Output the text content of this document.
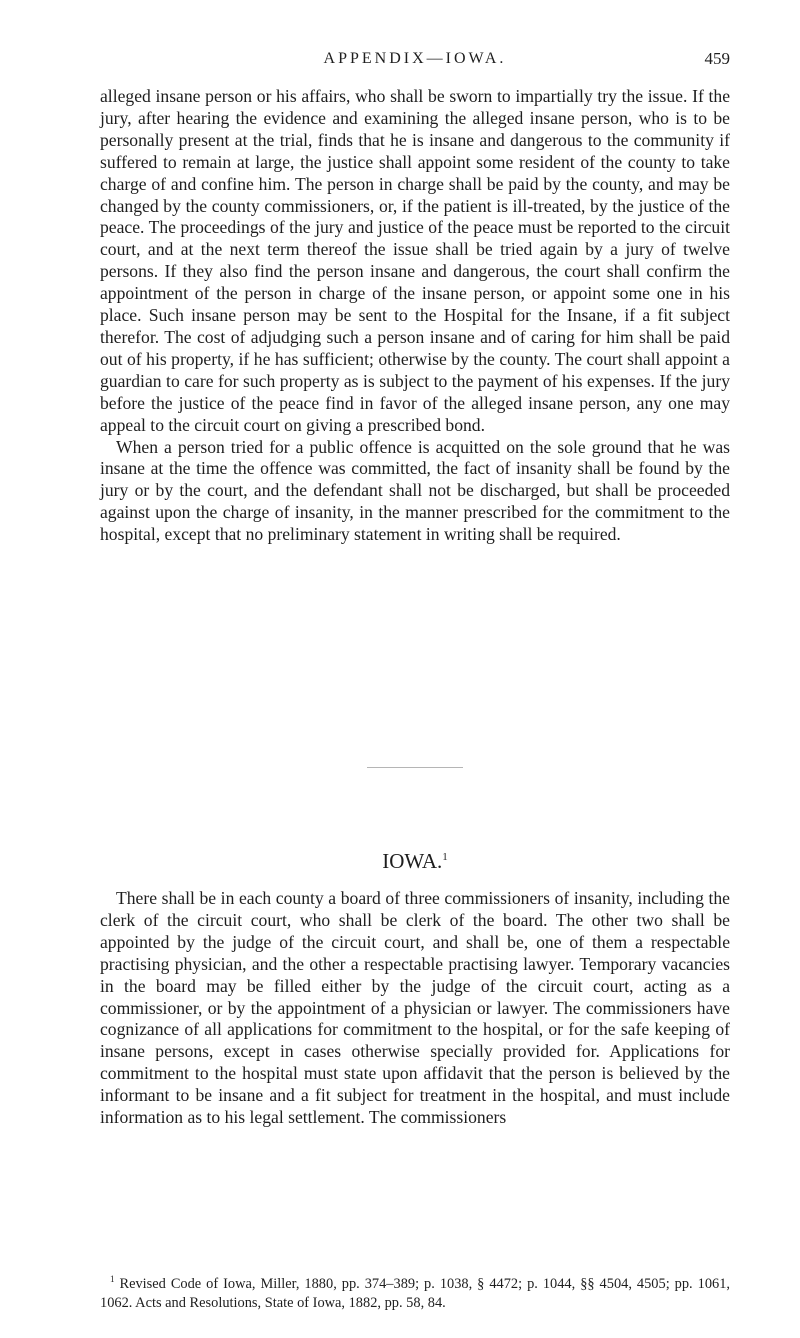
APPENDIX—IOWA.	459

alleged insane person or his affairs, who shall be sworn to impartially try the issue. If the jury, after hearing the evidence and examining the alleged insane person, who is to be personally present at the trial, finds that he is insane and dangerous to the community if suffered to remain at large, the justice shall appoint some resident of the county to take charge of and confine him. The person in charge shall be paid by the county, and may be changed by the county commissioners, or, if the patient is ill-treated, by the justice of the peace. The proceedings of the jury and justice of the peace must be reported to the circuit court, and at the next term thereof the issue shall be tried again by a jury of twelve persons. If they also find the person insane and dangerous, the court shall confirm the appointment of the person in charge of the insane person, or appoint some one in his place. Such insane person may be sent to the Hospital for the Insane, if a fit subject therefor. The cost of adjudging such a person insane and of caring for him shall be paid out of his property, if he has sufficient; otherwise by the county. The court shall appoint a guardian to care for such property as is subject to the payment of his expenses. If the jury before the justice of the peace find in favor of the alleged insane person, any one may appeal to the circuit court on giving a prescribed bond.

When a person tried for a public offence is acquitted on the sole ground that he was insane at the time the offence was committed, the fact of insanity shall be found by the jury or by the court, and the defendant shall not be discharged, but shall be proceeded against upon the charge of insanity, in the manner prescribed for the commitment to the hospital, except that no preliminary statement in writing shall be required.

IOWA.$^1$

There shall be in each county a board of three commissioners of insanity, including the clerk of the circuit court, who shall be clerk of the board. The other two shall be appointed by the judge of the circuit court, and shall be, one of them a respectable practising physician, and the other a respectable practising lawyer. Temporary vacancies in the board may be filled either by the judge of the circuit court, acting as a commissioner, or by the appointment of a physician or lawyer. The commissioners have cognizance of all applications for commitment to the hospital, or for the safe keeping of insane persons, except in cases otherwise specially provided for. Applications for commitment to the hospital must state upon affidavit that the person is believed by the informant to be insane and a fit subject for treatment in the hospital, and must include information as to his legal settlement. The commissioners

$^1$ Revised Code of Iowa, Miller, 1880, pp. 374–389; p. 1038, § 4472; p. 1044, §§ 4504, 4505; pp. 1061, 1062. Acts and Resolutions, State of Iowa, 1882, pp. 58, 84.
